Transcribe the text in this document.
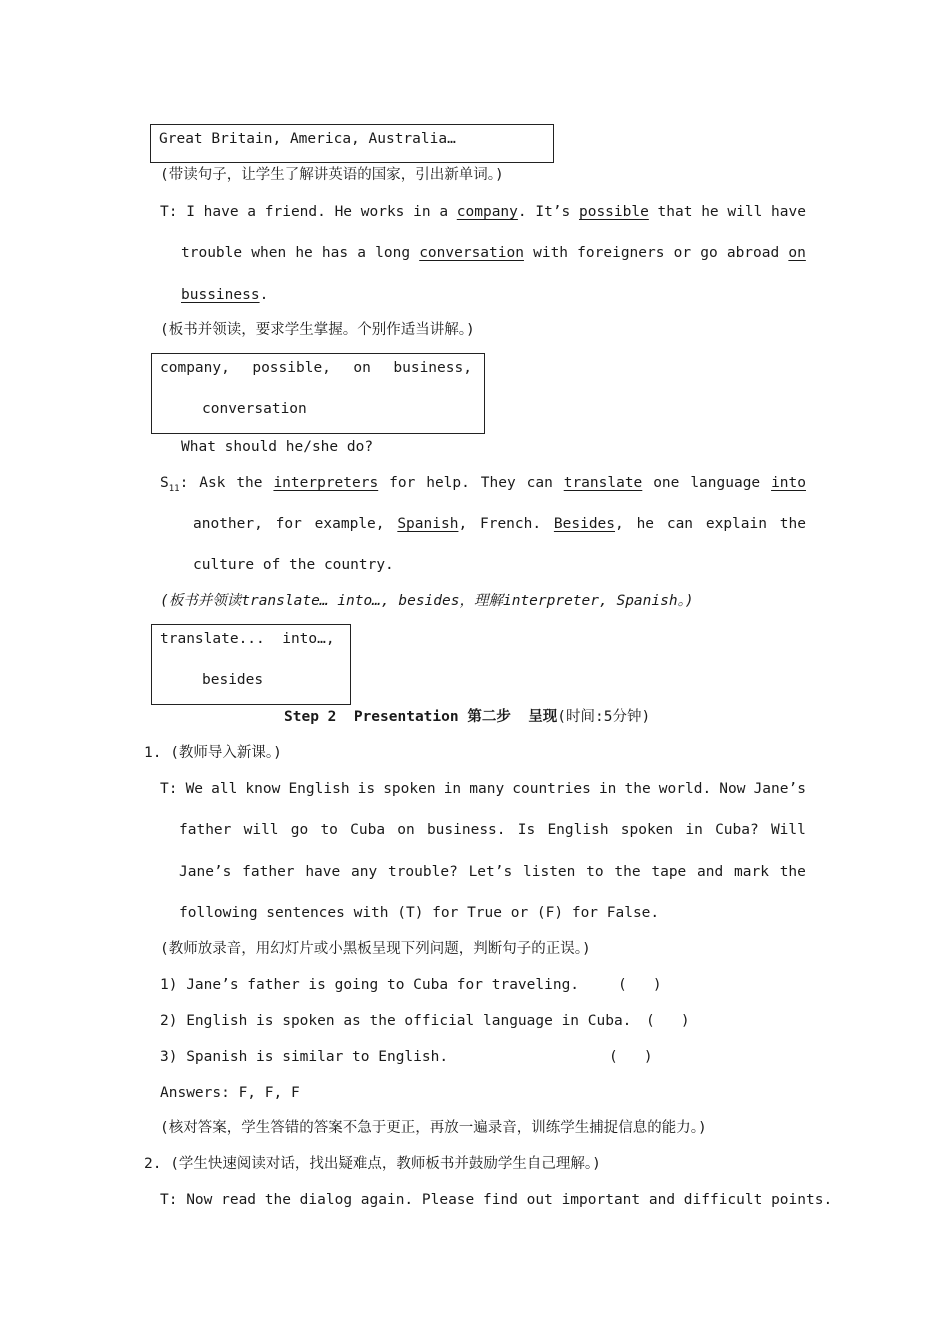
Great Britain, America, Australia…
(带读句子，让学生了解讲英语的国家，引出新单词。)
T: I have a friend. He works in a company. It’s possible that he will have
trouble when he has a long conversation with foreigners or go abroad on
bussiness.
(板书并领读，要求学生掌握。个别作适当讲解。)
company, possible, on business,
conversation
What should he/she do?
$S_{11}$: Ask the interpreters for help. They can translate one language into
another, for example, Spanish, French. Besides, he can explain the
culture of the country.
(板书并领读translate… into…, besides，理解interpreter, Spanish。)
translate...  into…,
besides
Step 2  Presentation 第二步  呈现(时间:5分钟)
1. (教师导入新课。)
T: We all know English is spoken in many countries in the world. Now Jane’s
father will go to Cuba on business. Is English spoken in Cuba? Will
Jane’s father have any trouble? Let’s listen to the tape and mark the
following sentences with (T) for True or (F) for False.
(教师放录音，用幻灯片或小黑板呈现下列问题，判断句子的正误。)
1) Jane’s father is going to Cuba for traveling.	(   )
2) English is spoken as the official language in Cuba. (   )
3) Spanish is similar to English.	(   )
Answers: F, F, F
(核对答案，学生答错的答案不急于更正，再放一遍录音，训练学生捕捉信息的能力。)
2. (学生快速阅读对话，找出疑难点，教师板书并鼓励学生自己理解。)
T: Now read the dialog again. Please find out important and difficult points.
